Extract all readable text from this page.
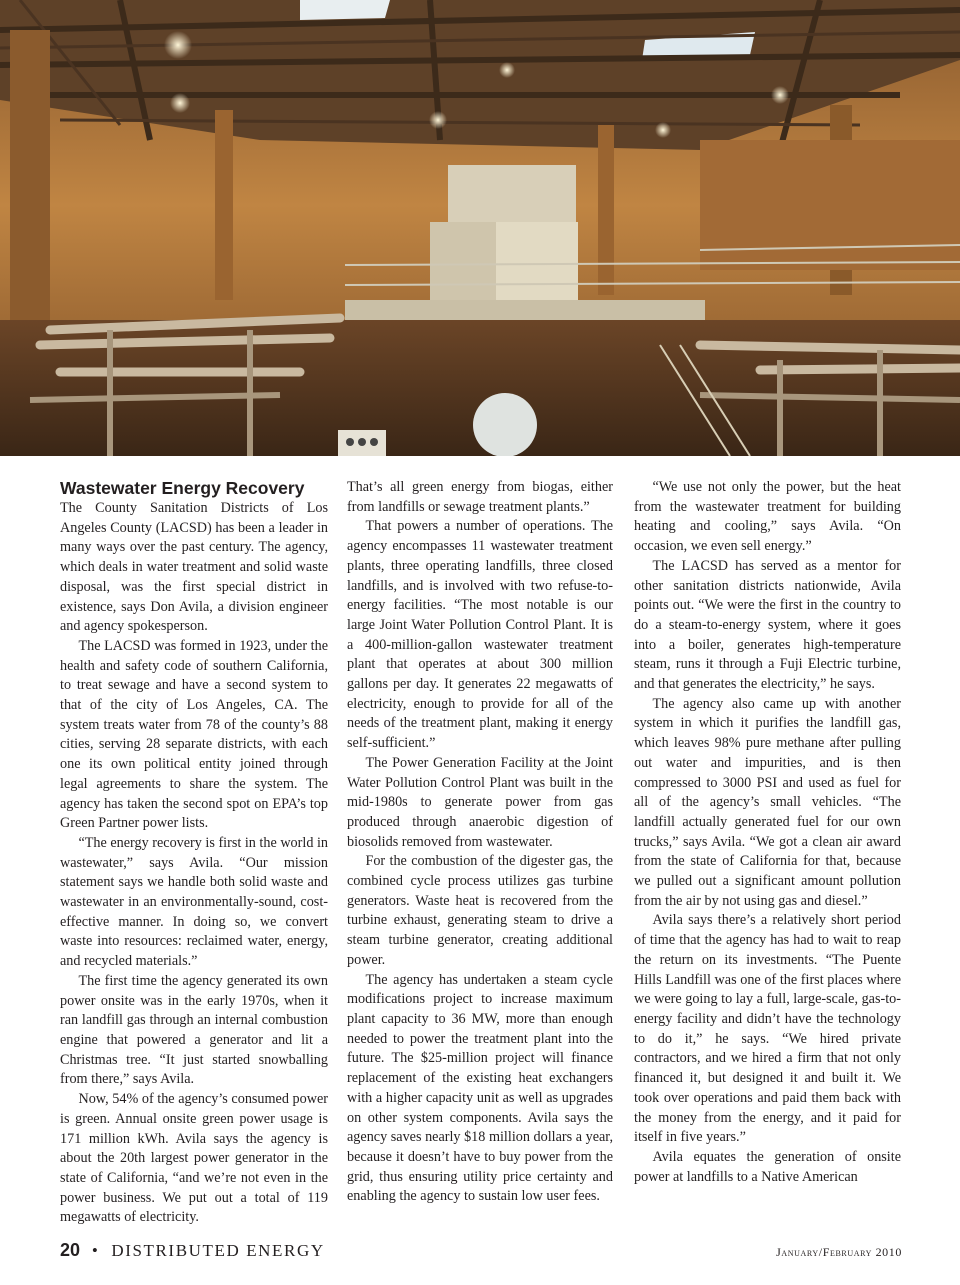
Wastewater Energy Recovery

The County Sanitation Districts of Los Angeles County (LACSD) has been a leader in many ways over the past century. The agency, which deals in water treatment and solid waste disposal, was the first special district in existence, says Don Avila, a division engineer and agency spokesperson.

The LACSD was formed in 1923, under the health and safety code of southern California, to treat sewage and have a second system to that of the city of Los Angeles, CA. The system treats water from 78 of the county’s 88 cities, serving 28 separate districts, with each one its own political entity joined through legal agreements to share the system. The agency has taken the second spot on EPA’s top Green Partner power lists.

“The energy recovery is first in the world in wastewater,” says Avila. “Our mission statement says we handle both solid waste and wastewater in an environmentally-sound, cost-effective manner. In doing so, we convert waste into resources: reclaimed water, energy, and recycled materials.”

The first time the agency generated its own power onsite was in the early 1970s, when it ran landfill gas through an internal combustion engine that powered a generator and lit a Christmas tree. “It just started snowballing from there,” says Avila.

Now, 54% of the agency’s consumed power is green. Annual onsite green power usage is 171 million kWh. Avila says the agency is about the 20th largest power generator in the state of California, “and we’re not even in the power business. We put out a total of 119 megawatts of electricity.

That’s all green energy from biogas, either from landfills or sewage treatment plants.”

That powers a number of operations. The agency encompasses 11 wastewater treatment plants, three operating landfills, three closed landfills, and is involved with two refuse-to-energy facilities. “The most notable is our large Joint Water Pollution Control Plant. It is a 400-million-gallon wastewater treatment plant that operates at about 300 million gallons per day. It generates 22 megawatts of electricity, enough to provide for all of the needs of the treatment plant, making it energy self-sufficient.”

The Power Generation Facility at the Joint Water Pollution Control Plant was built in the mid-1980s to generate power from gas produced through anaerobic digestion of biosolids removed from wastewater.

For the combustion of the digester gas, the combined cycle process utilizes gas turbine generators. Waste heat is recovered from the turbine exhaust, generating steam to drive a steam turbine generator, creating additional power.

The agency has undertaken a steam cycle modifications project to increase maximum plant capacity to 36 MW, more than enough needed to power the treatment plant into the future. The $25-million project will finance replacement of the existing heat exchangers with a higher capacity unit as well as upgrades on other system components. Avila says the agency saves nearly $18 million dollars a year, because it doesn’t have to buy power from the grid, thus ensuring utility price certainty and enabling the agency to sustain low user fees.

“We use not only the power, but the heat from the wastewater treatment for building heating and cooling,” says Avila. “On occasion, we even sell energy.”

The LACSD has served as a mentor for other sanitation districts nationwide, Avila points out. “We were the first in the country to do a steam-to-energy system, where it goes into a boiler, generates high-temperature steam, runs it through a Fuji Electric turbine, and that generates the electricity,” he says.

The agency also came up with another system in which it purifies the landfill gas, which leaves 98% pure methane after pulling out water and impurities, and is then compressed to 3000 PSI and used as fuel for all of the agency’s small vehicles. “The landfill actually generated fuel for our own trucks,” says Avila. “We got a clean air award from the state of California for that, because we pulled out a significant amount pollution from the air by not using gas and diesel.”

Avila says there’s a relatively short period of time that the agency has had to wait to reap the return on its investments. “The Puente Hills Landfill was one of the first places where we were going to lay a full, large-scale, gas-to-energy facility and didn’t have the technology to do it,” he says. “We hired private contractors, and we hired a firm that not only financed it, but designed it and built it. We took over operations and paid them back with the money from the energy, and it paid for itself in five years.”

Avila equates the generation of onsite power at landfills to a Native American

20 • DISTRIBUTED ENERGY	January/February 2010
